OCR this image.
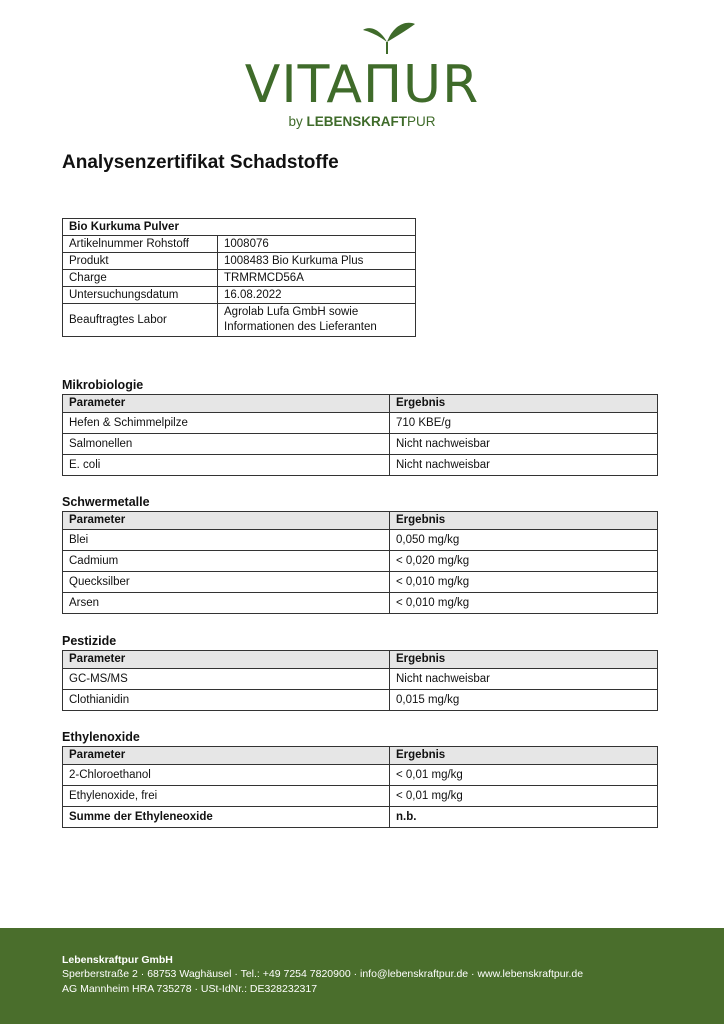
VITAПUR
by LEBENSKRAFTPUR
Analysenzertifikat Schadstoffe
Bio Kurkuma Pulver	
Artikelnummer Rohstoff	1008076
Produkt	1008483 Bio Kurkuma Plus
Charge	TRMRMCD56A
Untersuchungsdatum	16.08.2022
Beauftragtes Labor	Agrolab Lufa GmbH sowie Informationen des Lieferanten
Mikrobiologie
Parameter	Ergebnis
Hefen & Schimmelpilze	710 KBE/g
Salmonellen	Nicht nachweisbar
E. coli	Nicht nachweisbar
Schwermetalle
Parameter	Ergebnis
Blei	0,050 mg/kg
Cadmium	< 0,020 mg/kg
Quecksilber	< 0,010 mg/kg
Arsen	< 0,010 mg/kg
Pestizide
Parameter	Ergebnis
GC-MS/MS	Nicht nachweisbar
Clothianidin	0,015 mg/kg
Ethylenoxide
Parameter	Ergebnis
2-Chloroethanol	< 0,01 mg/kg
Ethylenoxide, frei	< 0,01 mg/kg
Summe der Ethyleneoxide	n.b.
Lebenskraftpur GmbH
Sperberstraße 2 · 68753 Waghäusel · Tel.: +49 7254 7820900 · info@lebenskraftpur.de · www.lebenskraftpur.de
AG Mannheim HRA 735278 · USt-IdNr.: DE328232317
